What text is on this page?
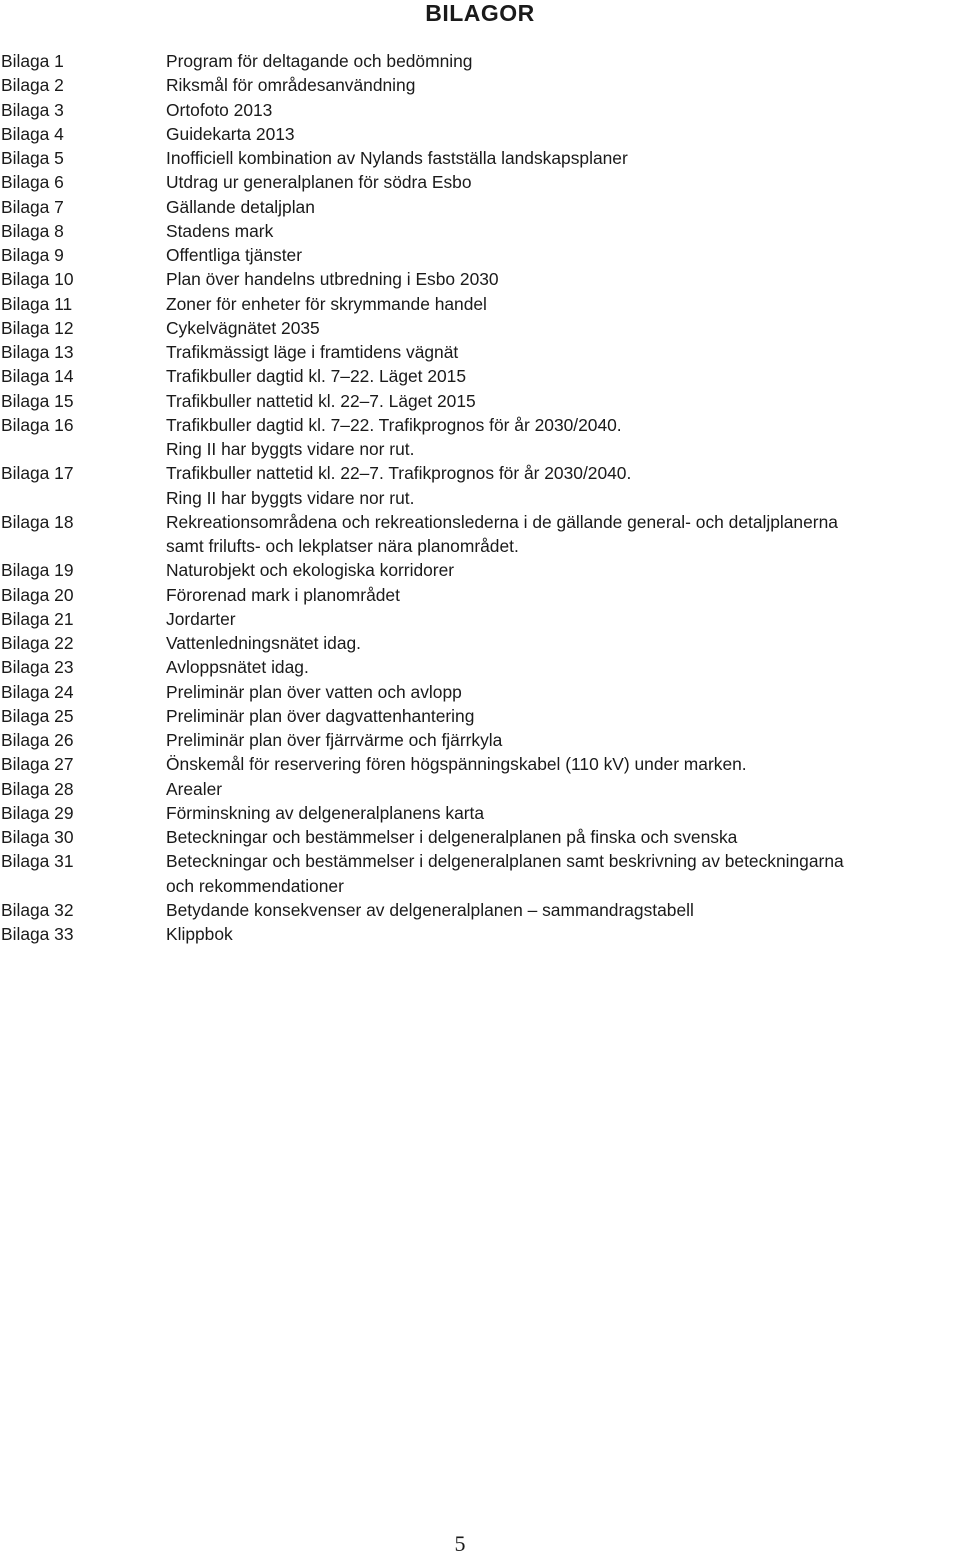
BILAGOR
Bilaga 1	Program för deltagande och bedömning
Bilaga 2	Riksmål för områdesanvändning
Bilaga 3	Ortofoto 2013
Bilaga 4	Guidekarta 2013
Bilaga 5	Inofficiell kombination av Nylands fastställa landskapsplaner
Bilaga 6	Utdrag ur generalplanen för södra Esbo
Bilaga 7	Gällande detaljplan
Bilaga 8	Stadens mark
Bilaga 9	Offentliga tjänster
Bilaga 10	Plan över handelns utbredning i Esbo 2030
Bilaga 11	Zoner för enheter för skrymmande handel
Bilaga 12	Cykelvägnätet 2035
Bilaga 13	Trafikmässigt läge i framtidens vägnät
Bilaga 14	Trafikbuller dagtid kl. 7–22. Läget 2015
Bilaga 15	Trafikbuller nattetid kl. 22–7. Läget 2015
Bilaga 16	Trafikbuller dagtid kl. 7–22. Trafikprognos för år 2030/2040.
Ring II har byggts vidare nor rut.
Bilaga 17	Trafikbuller nattetid kl. 22–7. Trafikprognos för år 2030/2040.
Ring II har byggts vidare nor rut.
Bilaga 18	Rekreationsområdena och rekreationslederna i de gällande general- och detaljplanerna
samt frilufts- och lekplatser nära planområdet.
Bilaga 19	Naturobjekt och ekologiska korridorer
Bilaga 20	Förorenad mark i planområdet
Bilaga 21	Jordarter
Bilaga 22	Vattenledningsnätet idag.
Bilaga 23	Avloppsnätet idag.
Bilaga 24	Preliminär plan över vatten och avlopp
Bilaga 25	Preliminär plan över dagvattenhantering
Bilaga 26	Preliminär plan över fjärrvärme och fjärrkyla
Bilaga 27	Önskemål för reservering fören högspänningskabel (110 kV) under marken.
Bilaga 28	Arealer
Bilaga 29	Förminskning av delgeneralplanens karta
Bilaga 30	Beteckningar och bestämmelser i delgeneralplanen på finska och svenska
Bilaga 31	Beteckningar och bestämmelser i delgeneralplanen samt beskrivning av beteckningarna
och rekommendationer
Bilaga 32	Betydande konsekvenser av delgeneralplanen – sammandragstabell
Bilaga 33	Klippbok
5
